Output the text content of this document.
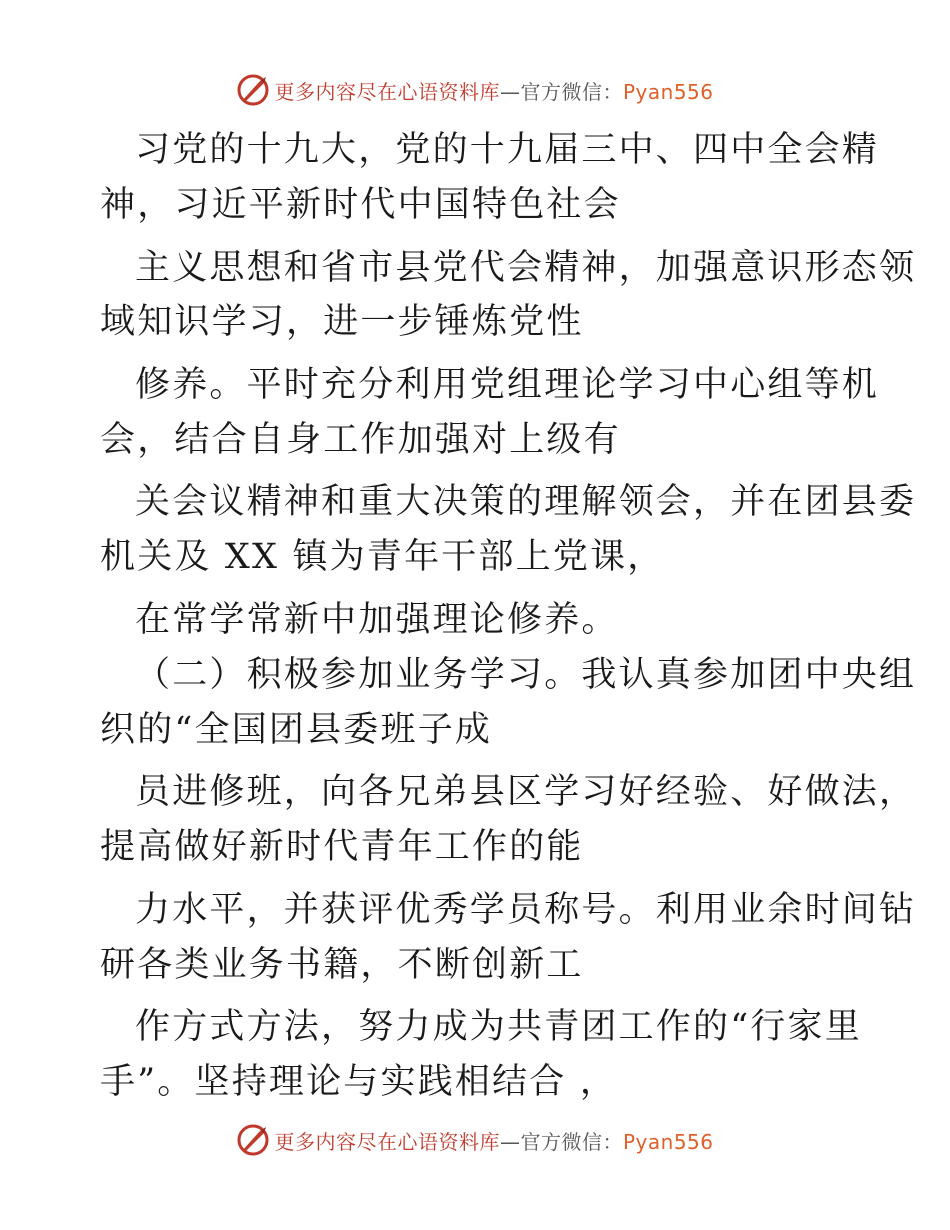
更多内容尽在心语资料库—官方微信：Pyan556
习党的十九大，党的十九届三中、四中全会精
神，习近平新时代中国特色社会
主义思想和省市县党代会精神，加强意识形态领
域知识学习，进一步锤炼党性
修养。平时充分利用党组理论学习中心组等机
会，结合自身工作加强对上级有
关会议精神和重大决策的理解领会，并在团县委
机关及 XX 镇为青年干部上党课，
在常学常新中加强理论修养。
（二）积极参加业务学习。我认真参加团中央组
织的“全国团县委班子成
员进修班，向各兄弟县区学习好经验、好做法，
提高做好新时代青年工作的能
力水平，并获评优秀学员称号。利用业余时间钻
研各类业务书籍，不断创新工
作方式方法，努力成为共青团工作的“行家里
手”。坚持理论与实践相结合 ，
更多内容尽在心语资料库—官方微信：Pyan556
